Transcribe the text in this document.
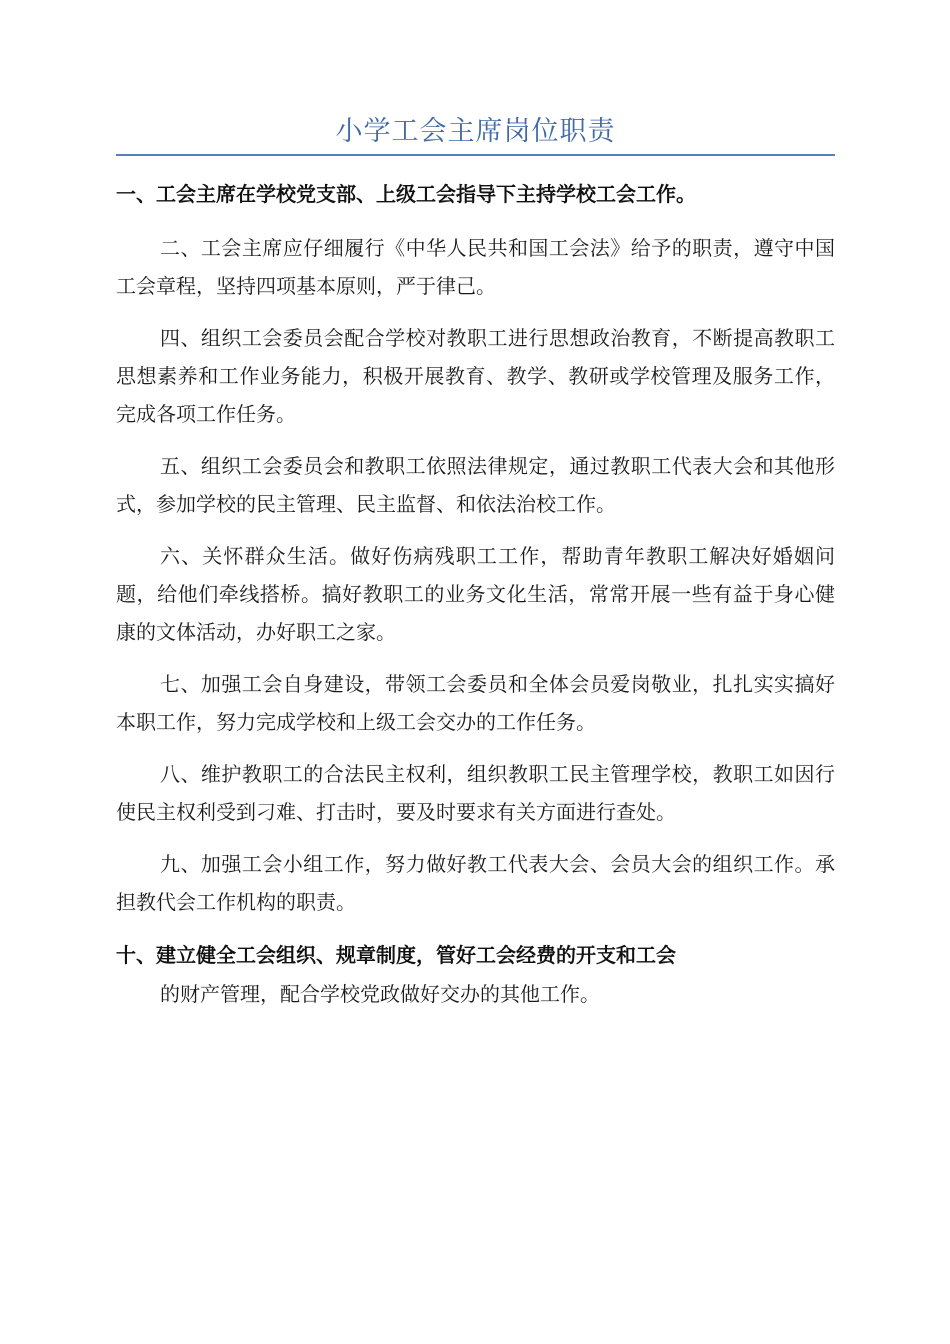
小学工会主席岗位职责

一、工会主席在学校党支部、上级工会指导下主持学校工会工作。

二、工会主席应仔细履行《中华人民共和国工会法》给予的职责，遵守中国工会章程，坚持四项基本原则，严于律己。

四、组织工会委员会配合学校对教职工进行思想政治教育，不断提高教职工思想素养和工作业务能力，积极开展教育、教学、教研或学校管理及服务工作，完成各项工作任务。

五、组织工会委员会和教职工依照法律规定，通过教职工代表大会和其他形式，参加学校的民主管理、民主监督、和依法治校工作。

六、关怀群众生活。做好伤病残职工工作，帮助青年教职工解决好婚姻问题，给他们牵线搭桥。搞好教职工的业务文化生活，常常开展一些有益于身心健康的文体活动，办好职工之家。

七、加强工会自身建设，带领工会委员和全体会员爱岗敬业，扎扎实实搞好本职工作，努力完成学校和上级工会交办的工作任务。

八、维护教职工的合法民主权利，组织教职工民主管理学校，教职工如因行使民主权利受到刁难、打击时，要及时要求有关方面进行查处。

九、加强工会小组工作，努力做好教工代表大会、会员大会的组织工作。承担教代会工作机构的职责。

十、建立健全工会组织、规章制度，管好工会经费的开支和工会

的财产管理，配合学校党政做好交办的其他工作。
